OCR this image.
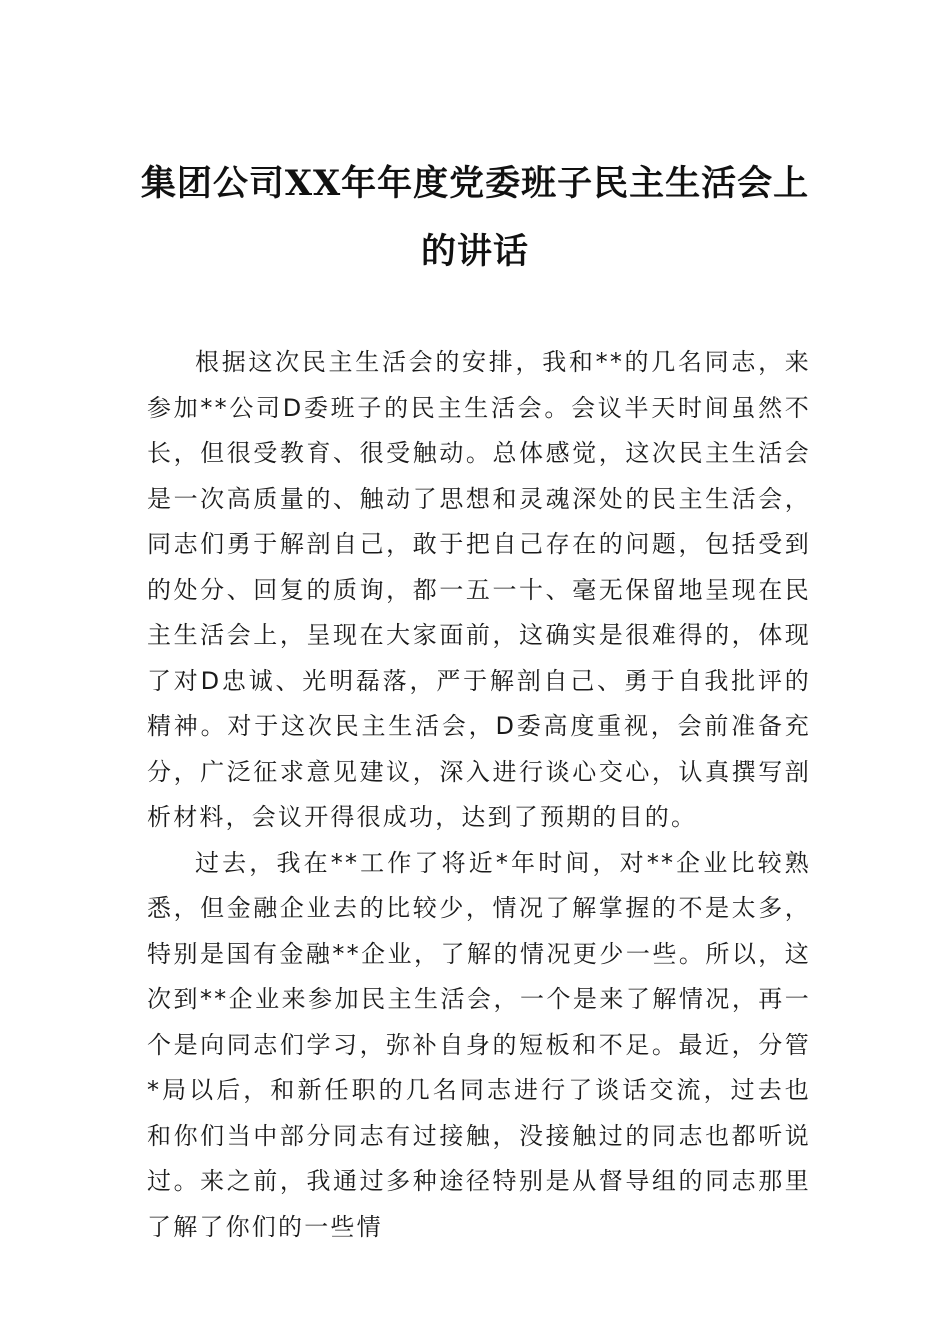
集团公司XX年年度党委班子民主生活会上的讲话

根据这次民主生活会的安排，我和**的几名同志，来参加**公司D委班子的民主生活会。会议半天时间虽然不长，但很受教育、很受触动。总体感觉，这次民主生活会是一次高质量的、触动了思想和灵魂深处的民主生活会，同志们勇于解剖自己，敢于把自己存在的问题，包括受到的处分、回复的质询，都一五一十、毫无保留地呈现在民主生活会上，呈现在大家面前，这确实是很难得的，体现了对D忠诚、光明磊落，严于解剖自己、勇于自我批评的精神。对于这次民主生活会，D委高度重视，会前准备充分，广泛征求意见建议，深入进行谈心交心，认真撰写剖析材料，会议开得很成功，达到了预期的目的。

过去，我在**工作了将近*年时间，对**企业比较熟悉，但金融企业去的比较少，情况了解掌握的不是太多，特别是国有金融**企业，了解的情况更少一些。所以，这次到**企业来参加民主生活会，一个是来了解情况，再一个是向同志们学习，弥补自身的短板和不足。最近，分管*局以后，和新任职的几名同志进行了谈话交流，过去也和你们当中部分同志有过接触，没接触过的同志也都听说过。来之前，我通过多种途径特别是从督导组的同志那里了解了你们的一些情
